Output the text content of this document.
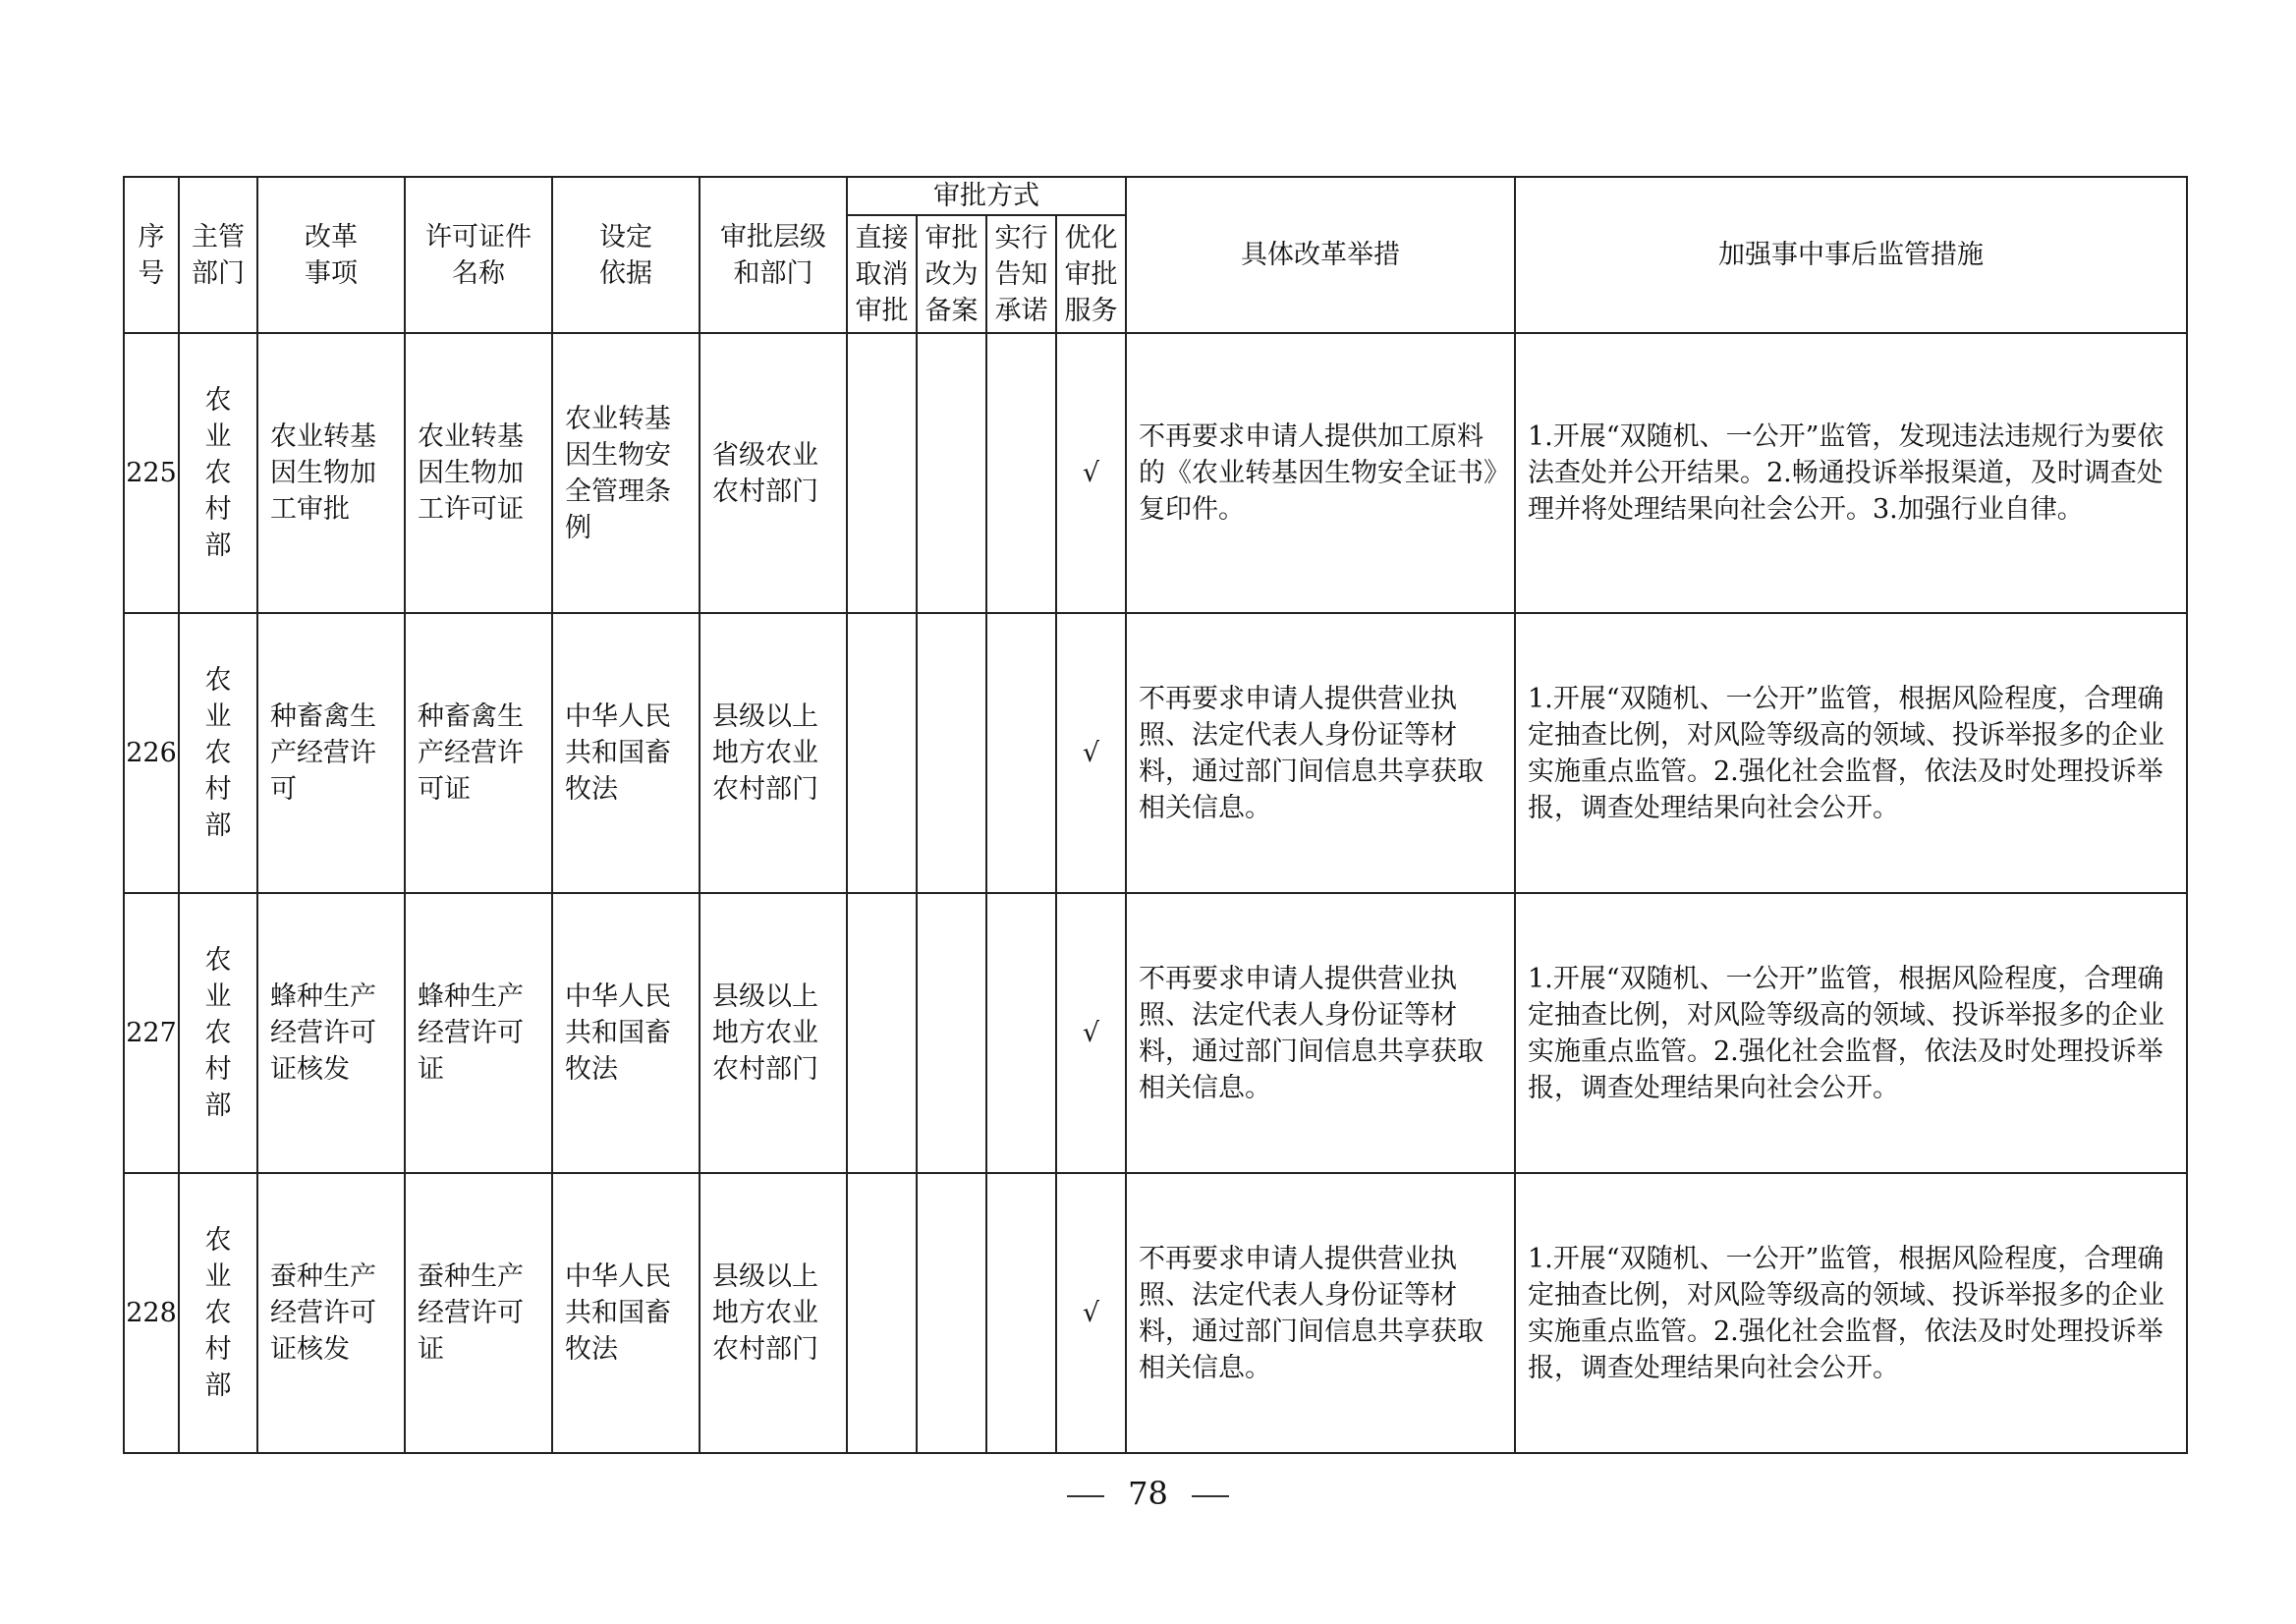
序号	主管部门	改革事项	许可证件名称	设定依据	审批层级和部门	审批方式				具体改革举措	加强事中事后监管措施
						直接取消审批	审批改为备案	实行告知承诺	优化审批服务		
225	农业农村部	农业转基因生物加工审批	农业转基因生物加工许可证	农业转基因生物安全管理条例	省级农业农村部门				√	不再要求申请人提供加工原料的《农业转基因生物安全证书》复印件。	1.开展“双随机、一公开”监管，发现违法违规行为要依法查处并公开结果。2.畅通投诉举报渠道，及时调查处理并将处理结果向社会公开。3.加强行业自律。
226	农业农村部	种畜禽生产经营许可	种畜禽生产经营许可证	中华人民共和国畜牧法	县级以上地方农业农村部门				√	不再要求申请人提供营业执照、法定代表人身份证等材料，通过部门间信息共享获取相关信息。	1.开展“双随机、一公开”监管，根据风险程度，合理确定抽查比例，对风险等级高的领域、投诉举报多的企业实施重点监管。2.强化社会监督，依法及时处理投诉举报，调查处理结果向社会公开。
227	农业农村部	蜂种生产经营许可证核发	蜂种生产经营许可证	中华人民共和国畜牧法	县级以上地方农业农村部门				√	不再要求申请人提供营业执照、法定代表人身份证等材料，通过部门间信息共享获取相关信息。	1.开展“双随机、一公开”监管，根据风险程度，合理确定抽查比例，对风险等级高的领域、投诉举报多的企业实施重点监管。2.强化社会监督，依法及时处理投诉举报，调查处理结果向社会公开。
228	农业农村部	蚕种生产经营许可证核发	蚕种生产经营许可证	中华人民共和国畜牧法	县级以上地方农业农村部门				√	不再要求申请人提供营业执照、法定代表人身份证等材料，通过部门间信息共享获取相关信息。	1.开展“双随机、一公开”监管，根据风险程度，合理确定抽查比例，对风险等级高的领域、投诉举报多的企业实施重点监管。2.强化社会监督，依法及时处理投诉举报，调查处理结果向社会公开。
78
